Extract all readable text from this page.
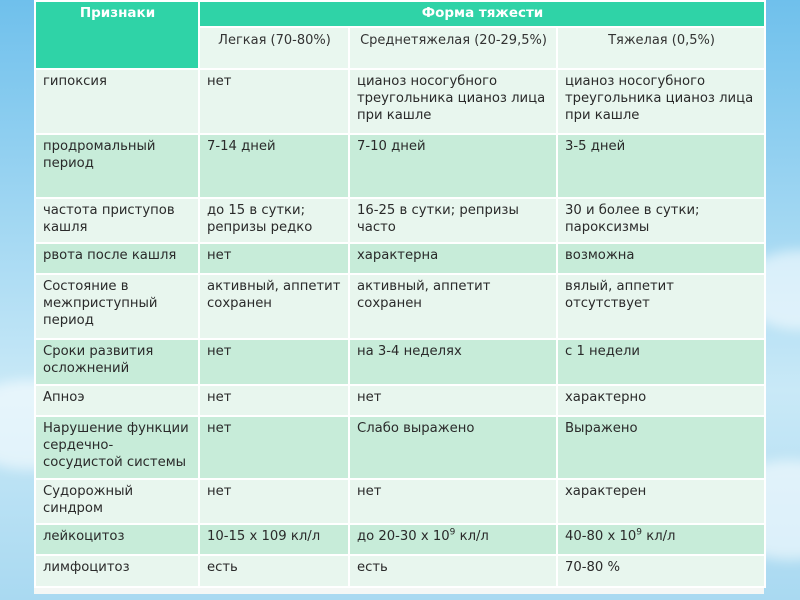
Признаки	Форма тяжести		
	Легкая (70-80%)	Среднетяжелая (20-29,5%)	Тяжелая (0,5%)
гипоксия	нет	цианоз носогубного треугольника цианоз лица при кашле	цианоз носогубного треугольника цианоз лица при кашле
продромальный период	7-14 дней	7-10 дней	3-5 дней
частота приступов кашля	до 15 в сутки; репризы редко	16-25 в сутки; репризы часто	30 и более в сутки; пароксизмы
рвота после кашля	нет	характерна	возможна
Состояние в межприступный период	активный, аппетит сохранен	активный, аппетит сохранен	вялый, аппетит отсутствует
Сроки развития осложнений	нет	на 3-4 неделях	с 1 недели
Апноэ	нет	нет	характерно
Нарушение функции сердечно-сосудистой системы	нет	Слабо выражено	Выражено
Судорожный синдром	нет	нет	характерен
лейкоцитоз	10-15 х 109 кл/л	до 20-30 х $10^9$ кл/л	40-80 х $10^9$ кл/л
лимфоцитоз	есть	есть	70-80 %
